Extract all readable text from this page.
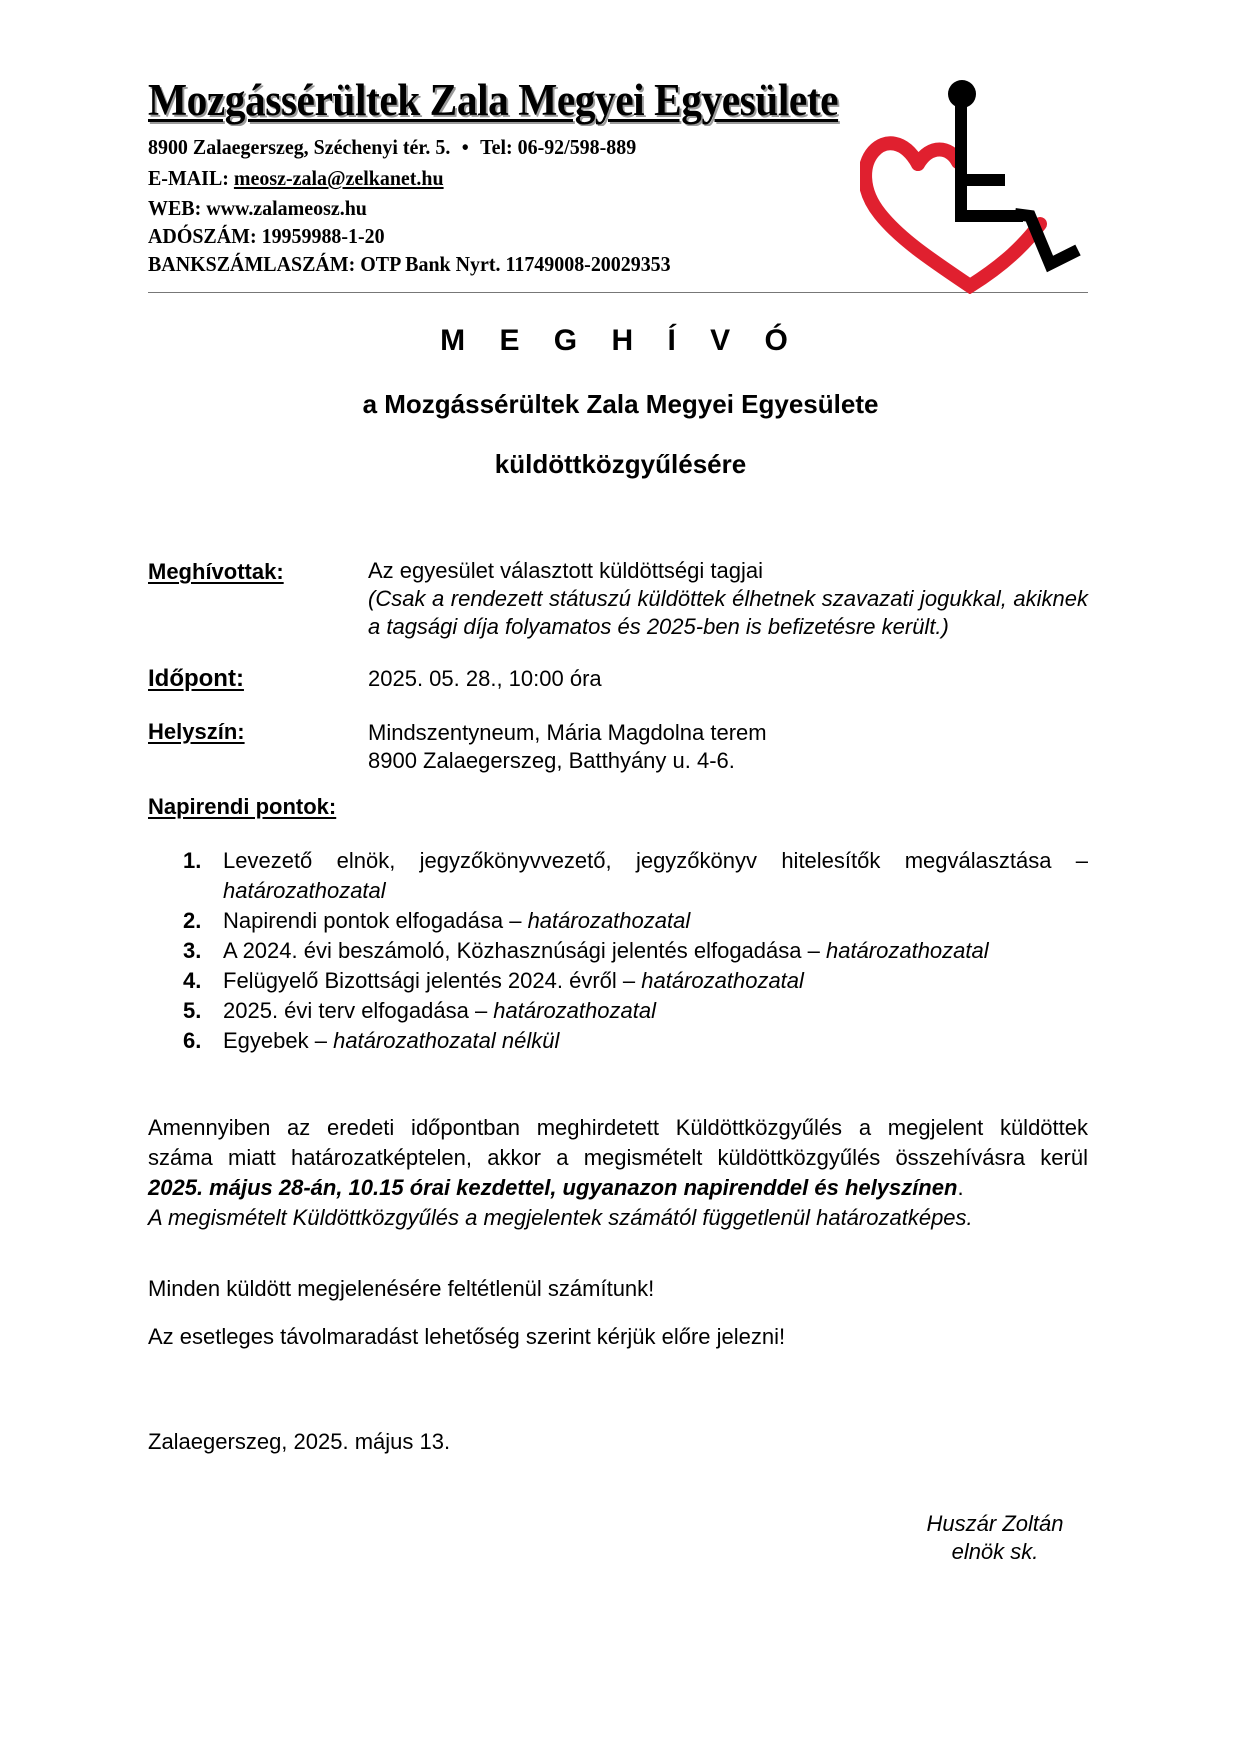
Mozgássérültek Zala Megyei Egyesülete
8900 Zalaegerszeg, Széchenyi tér. 5. • Tel: 06-92/598-889
E-MAIL: meosz-zala@zelkanet.hu
WEB: www.zalameosz.hu
ADÓSZÁM: 19959988-1-20
BANKSZÁMLASZÁM: OTP Bank Nyrt. 11749008-20029353
M E G H Í V Ó
a Mozgássérültek Zala Megyei Egyesülete
küldöttközgyűlésére
Meghívottak:	Az egyesület választott küldöttségi tagjai
(Csak a rendezett státuszú küldöttek élhetnek szavazati jogukkal, akiknek a tagsági díja folyamatos és 2025-ben is befizetésre került.)
Időpont:	2025. 05. 28., 10:00 óra
Helyszín:	Mindszentyneum, Mária Magdolna terem
8900 Zalaegerszeg, Batthyány u. 4-6.
Napirendi pontok:
1. Levezető elnök, jegyzőkönyvvezető, jegyzőkönyv hitelesítők megválasztása –
határozathozatal
2. Napirendi pontok elfogadása – határozathozatal
3. A 2024. évi beszámoló, Közhasznúsági jelentés elfogadása – határozathozatal
4. Felügyelő Bizottsági jelentés 2024. évről – határozathozatal
5. 2025. évi terv elfogadása – határozathozatal
6. Egyebek – határozathozatal nélkül
Amennyiben az eredeti időpontban meghirdetett Küldöttközgyűlés a megjelent küldöttek
száma miatt határozatképtelen, akkor a megismételt küldöttközgyűlés összehívásra kerül
2025. május 28-án, 10.15 órai kezdettel, ugyanazon napirenddel és helyszínen.
A megismételt Küldöttközgyűlés a megjelentek számától függetlenül határozatképes.
Minden küldött megjelenésére feltétlenül számítunk!
Az esetleges távolmaradást lehetőség szerint kérjük előre jelezni!
Zalaegerszeg, 2025. május 13.
Huszár Zoltán
elnök sk.
